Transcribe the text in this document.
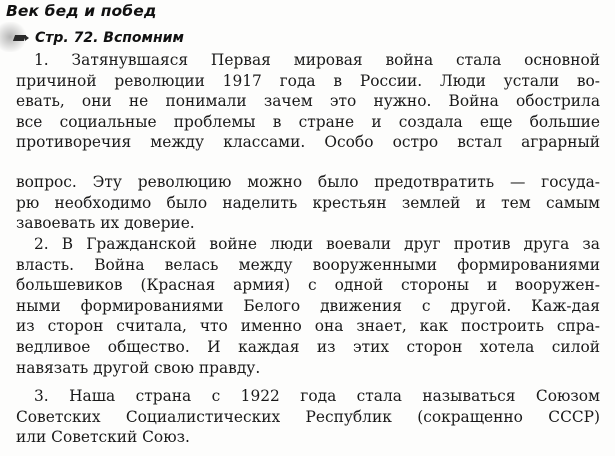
Век бед и побед
Стр. 72. Вспомним
1. Затянувшаяся Первая мировая война стала основной
причиной революции 1917 года в России. Люди устали во-
евать, они не понимали зачем это нужно. Война обострила
все социальные проблемы в стране и создала еще большие
противоречия между классами. Особо остро встал аграрный
вопрос. Эту революцию можно было предотвратить — госуда-
рю необходимо было наделить крестьян землей и тем самым
завоевать их доверие.
2. В Гражданской войне люди воевали друг против друга за
власть. Война велась между вооруженными формированиями
большевиков (Красная армия) с одной стороны и вооружен-
ными формированиями Белого движения с другой. Каж-дая
из сторон считала, что именно она знает, как построить спра-
ведливое общество. И каждая из этих сторон хотела силой
навязать другой свою правду.
3. Наша страна с 1922 года стала называться Союзом
Советских Социалистических Республик (сокращенно СССР)
или Советский Союз.
